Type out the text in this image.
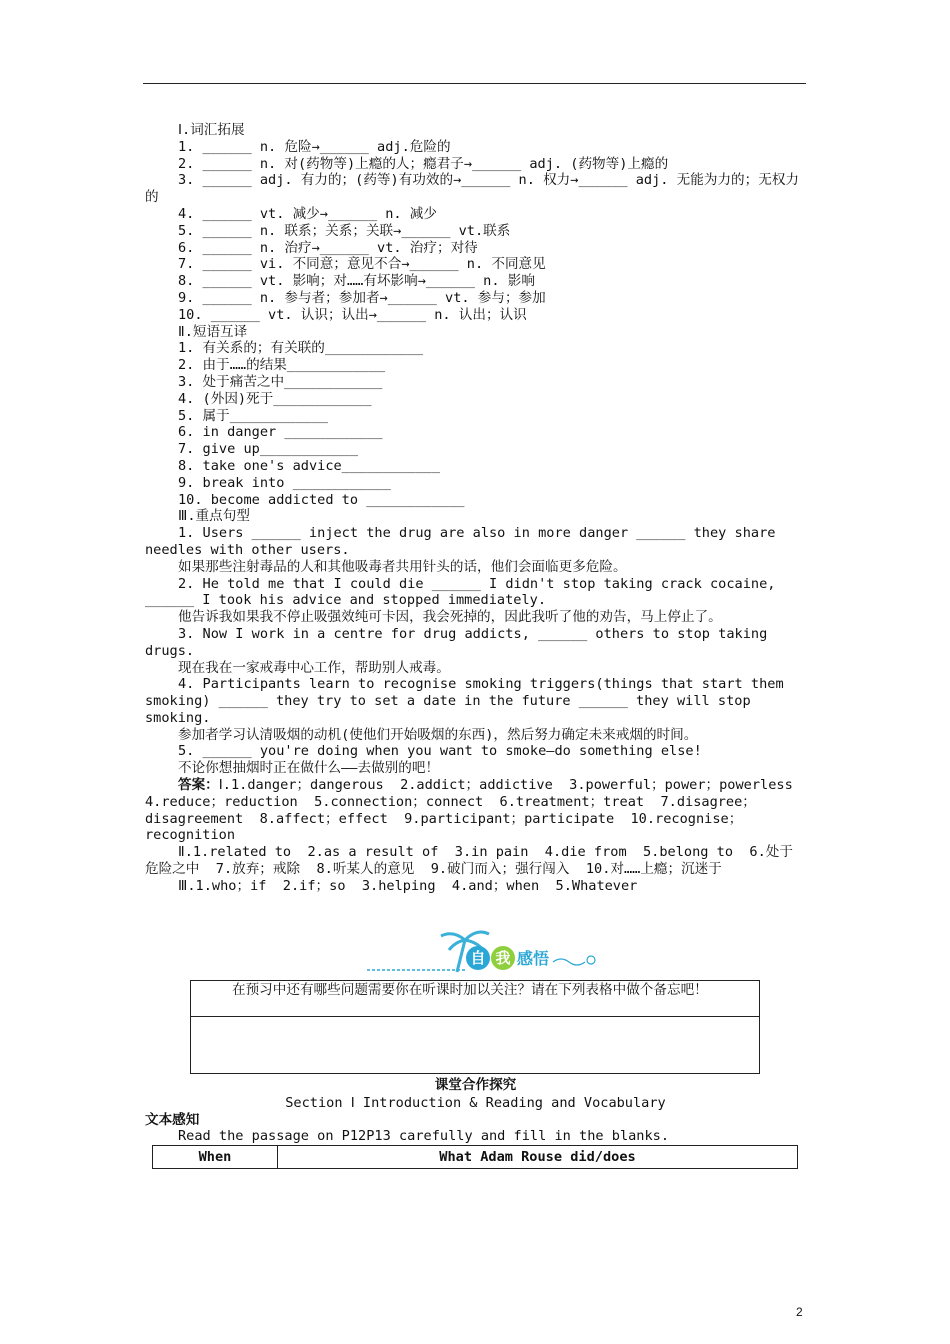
Ⅰ.词汇拓展

1. ______ n. 危险→______ adj.危险的

2. ______ n. 对(药物等)上瘾的人；瘾君子→______ adj. (药物等)上瘾的

3. ______ adj. 有力的；(药等)有功效的→______ n. 权力→______ adj. 无能为力的；无权力的

4. ______ vt. 减少→______ n. 减少

5. ______ n. 联系；关系；关联→______ vt.联系

6. ______ n. 治疗→______ vt. 治疗；对待

7. ______ vi. 不同意；意见不合→______ n. 不同意见

8. ______ vt. 影响；对……有坏影响→______ n. 影响

9. ______ n. 参与者；参加者→______ vt. 参与；参加

10. ______ vt. 认识；认出→______ n. 认出；认识

Ⅱ.短语互译

1. 有关系的；有关联的____________

2. 由于……的结果____________

3. 处于痛苦之中____________

4. (外因)死于____________

5. 属于____________

6. in danger ____________

7. give up____________

8. take one's advice____________

9. break into ____________

10. become addicted to ____________

Ⅲ.重点句型

1. Users ______ inject the drug are also in more danger ______ they share needles with other users.

如果那些注射毒品的人和其他吸毒者共用针头的话，他们会面临更多危险。

2. He told me that I could die ______ I didn't stop taking crack cocaine, ______ I took his advice and stopped immediately.

他告诉我如果我不停止吸强效纯可卡因，我会死掉的，因此我听了他的劝告，马上停止了。

3. Now I work in a centre for drug addicts, ______ others to stop taking drugs.

现在我在一家戒毒中心工作，帮助别人戒毒。

4. Participants learn to recognise smoking triggers(things that start them smoking) ______ they try to set a date in the future ______ they will stop smoking.

参加者学习认清吸烟的动机(使他们开始吸烟的东西)，然后努力确定未来戒烟的时间。

5. ______ you're doing when you want to smoke—do something else!

不论你想抽烟时正在做什么——去做别的吧！

答案：Ⅰ.1.danger；dangerous  2.addict；addictive  3.powerful；power；powerless  4.reduce；reduction  5.connection；connect  6.treatment；treat  7.disagree；disagreement  8.affect；effect  9.participant；participate  10.recognise；recognition

Ⅱ.1.related to  2.as a result of  3.in pain  4.die from  5.belong to  6.处于危险之中  7.放弃；戒除  8.听某人的意见  9.破门而入；强行闯入  10.对……上瘾；沉迷于

Ⅲ.1.who；if  2.if；so  3.helping  4.and；when  5.Whatever

自 我 感悟
在预习中还有哪些问题需要你在听课时加以关注？请在下列表格中做个备忘吧！
课堂合作探究
Section Ⅰ Introduction & Reading and Vocabulary
文本感知
Read the passage on P12P13 carefully and fill in the blanks.
When	What Adam Rouse did/does
2
